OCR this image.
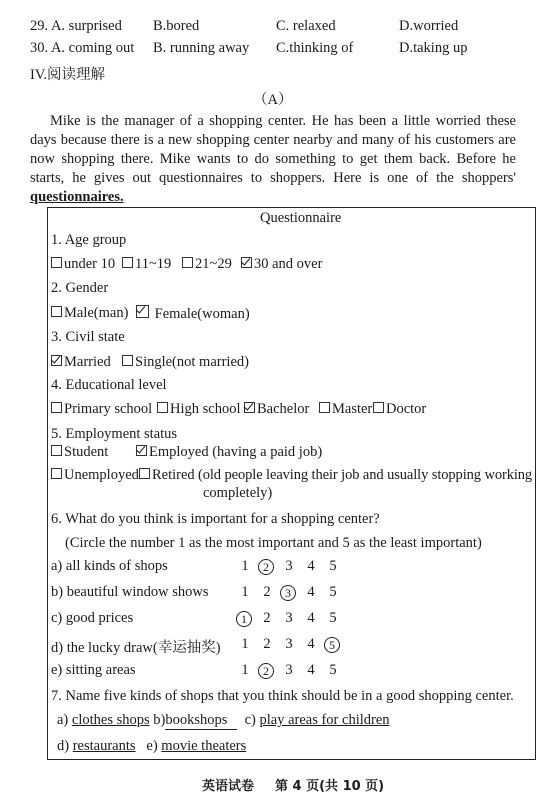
29. A. surprised B.bored	C. relaxed	D.worried
30. A. coming out B. running away C.thinking of	D.taking up
IV.阅读理解
（A）
Mike is the manager of a shopping center. He has been a little worried these days because there is a new shopping center nearby and many of his customers are now shopping there. Mike wants to do something to get them back. Before he starts, he gives out questionnaires to shoppers. Here is one of the shoppers' questionnaires.
Questionnaire
1. Age group
under 10	11~19	21~29	30 and over
2. Gender
Male(man)	Female(woman)
3. Civil state
Married	Single(not married)
4. Educational level
Primary school	High school	Bachelor	Master Doctor
5. Employment status
Student	Employed (having a paid job)
Unemployed Retired (old people leaving their job and usually stopping working
completely)
6. What do you think is important for a shopping center?
(Circle the number 1 as the most important and 5 as the least important)
a) all kinds of shops	1	2	3	4	5
b) beautiful window shows	1	2	3	4	5
c) good prices	1	2	3	4	5
d) the lucky draw(幸运抽奖)	1	2	3	4	5
e) sitting areas	1	2	3	4	5
7. Name five kinds of shops that you think should be in a good shopping center.
a) clothes shops b)bookshops c) play areas for children
d) restaurants e) movie theaters
英语试卷 第 4 页(共 10 页)
